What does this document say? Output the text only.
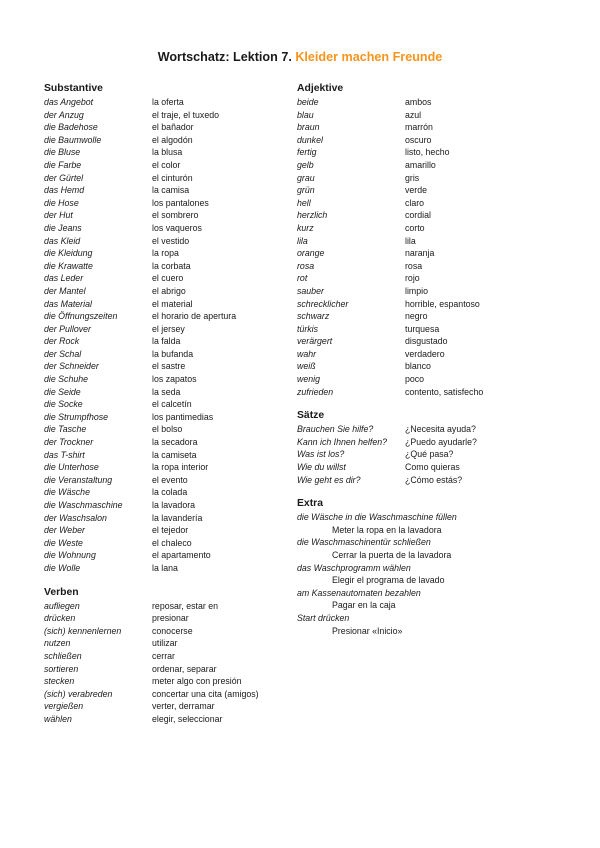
Wortschatz: Lektion 7. Kleider machen Freunde
Substantive
das Angebot	la oferta
der Anzug	el traje, el tuxedo
die Badehose	el bañador
die Baumwolle	el algodón
die Bluse	la blusa
die Farbe	el color
der Gürtel	el cinturón
das Hemd	la camisa
die Hose	los pantalones
der Hut	el sombrero
die Jeans	los vaqueros
das Kleid	el vestido
die Kleidung	la ropa
die Krawatte	la corbata
das Leder	el cuero
der Mantel	el abrigo
das Material	el material
die Öffnungszeiten	el horario de apertura
der Pullover	el jersey
der Rock	la falda
der Schal	la bufanda
der Schneider	el sastre
die Schuhe	los zapatos
die Seide	la seda
die Socke	el calcetín
die Strumpfhose	los pantimedias
die Tasche	el bolso
der Trockner	la secadora
das T-shirt	la camiseta
die Unterhose	la ropa interior
die Veranstaltung	el evento
die Wäsche	la colada
die Waschmaschine	la lavadora
der Waschsalon	la lavandería
der Weber	el tejedor
die Weste	el chaleco
die Wohnung	el apartamento
die Wolle	la lana
Verben
aufliegen	reposar, estar en
drücken	presionar
(sich) kennenlernen	conocerse
nutzen	utilizar
schließen	cerrar
sortieren	ordenar, separar
stecken	meter algo con presión
(sich) verabreden	concertar una cita (amigos)
vergießen	verter, derramar
wählen	elegir, seleccionar
Adjektive
beide	ambos
blau	azul
braun	marrón
dunkel	oscuro
fertig	listo, hecho
gelb	amarillo
grau	gris
grün	verde
hell	claro
herzlich	cordial
kurz	corto
lila	lila
orange	naranja
rosa	rosa
rot	rojo
sauber	limpio
schrecklicher	horrible, espantoso
schwarz	negro
türkis	turquesa
verärgert	disgustado
wahr	verdadero
weiß	blanco
wenig	poco
zufrieden	contento, satisfecho
Sätze
Brauchen Sie hilfe?	¿Necesita ayuda?
Kann ich Ihnen helfen?	¿Puedo ayudarle?
Was ist los?	¿Qué pasa?
Wie du willst	Como quieras
Wie geht es dir?	¿Cómo estás?
Extra
die Wäsche in die Waschmaschine füllen
Meter la ropa en la lavadora
die Waschmaschinentür schließen
Cerrar la puerta de la lavadora
das Waschprogramm wählen
Elegir el programa de lavado
am Kassenautomaten bezahlen
Pagar en la caja
Start drücken
Presionar «Inicio»
